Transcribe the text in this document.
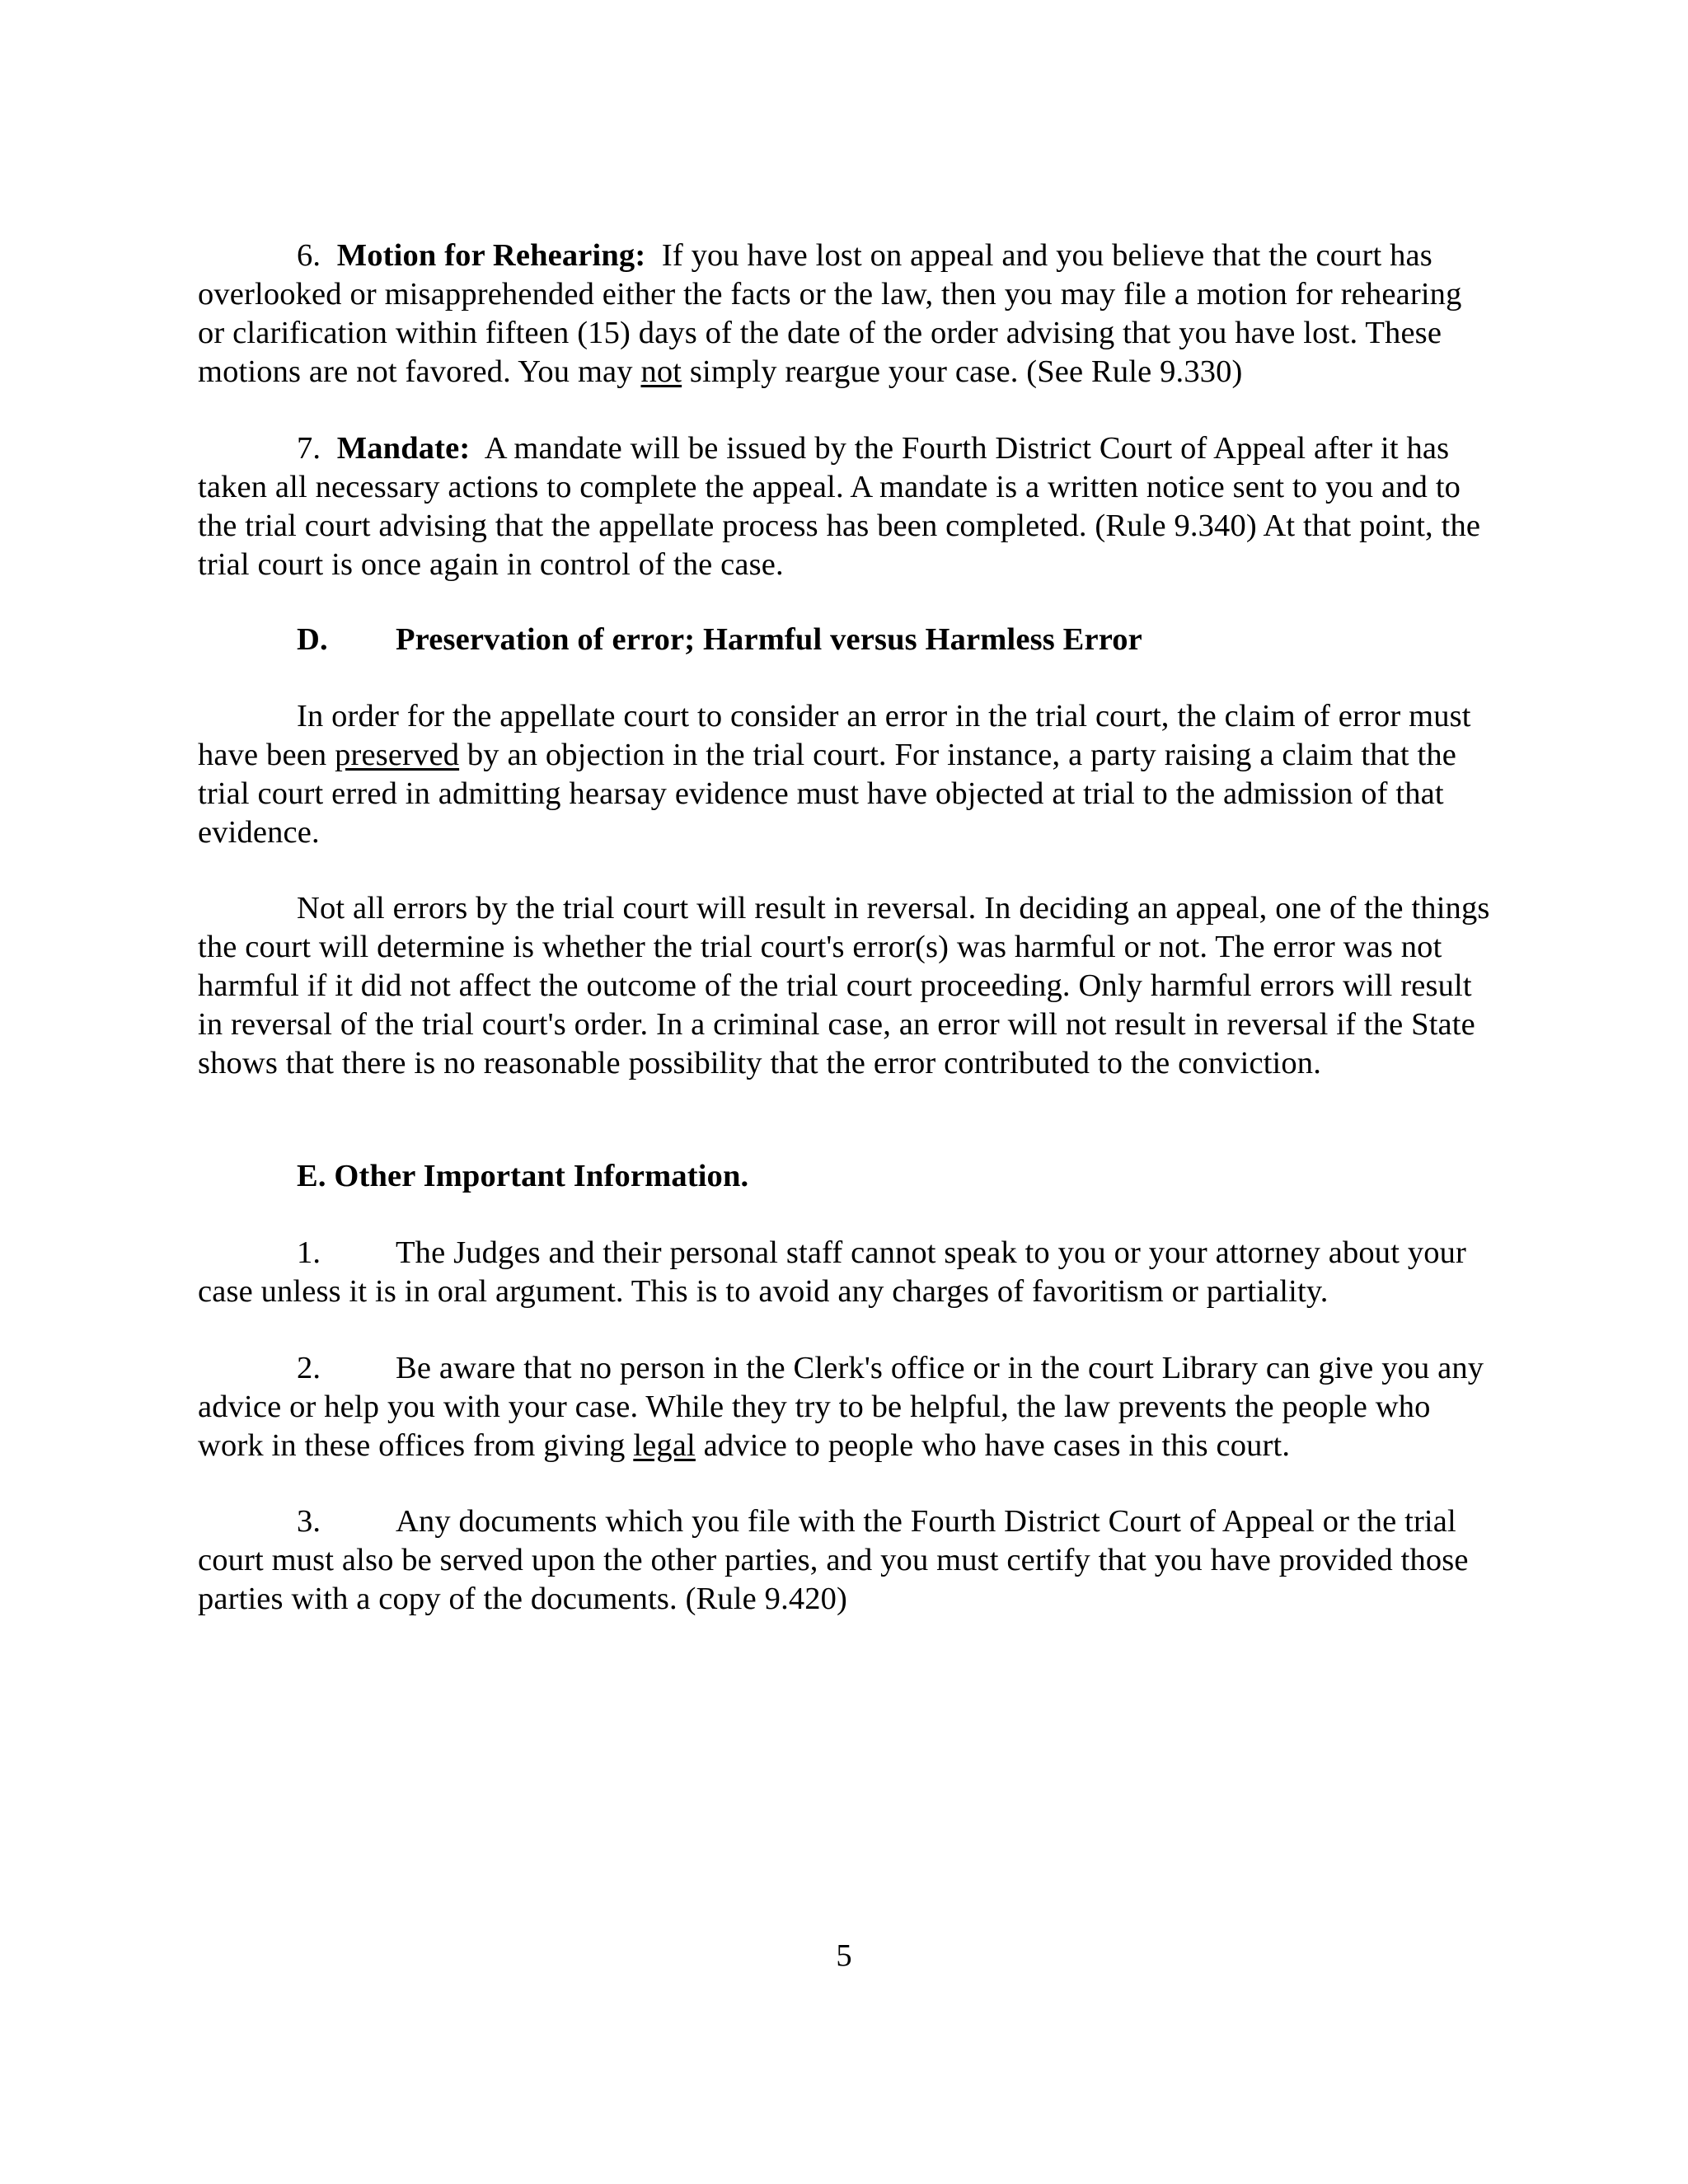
6. Motion for Rehearing: If you have lost on appeal and you believe that the court has overlooked or misapprehended either the facts or the law, then you may file a motion for rehearing or clarification within fifteen (15) days of the date of the order advising that you have lost. These motions are not favored. You may not simply reargue your case. (See Rule 9.330)

7. Mandate: A mandate will be issued by the Fourth District Court of Appeal after it has taken all necessary actions to complete the appeal. A mandate is a written notice sent to you and to the trial court advising that the appellate process has been completed. (Rule 9.340) At that point, the trial court is once again in control of the case.

D. Preservation of error; Harmful versus Harmless Error

In order for the appellate court to consider an error in the trial court, the claim of error must have been preserved by an objection in the trial court. For instance, a party raising a claim that the trial court erred in admitting hearsay evidence must have objected at trial to the admission of that evidence.

Not all errors by the trial court will result in reversal. In deciding an appeal, one of the things the court will determine is whether the trial court's error(s) was harmful or not. The error was not harmful if it did not affect the outcome of the trial court proceeding. Only harmful errors will result in reversal of the trial court's order. In a criminal case, an error will not result in reversal if the State shows that there is no reasonable possibility that the error contributed to the conviction.

E. Other Important Information.

1. The Judges and their personal staff cannot speak to you or your attorney about your case unless it is in oral argument. This is to avoid any charges of favoritism or partiality.

2. Be aware that no person in the Clerk's office or in the court Library can give you any advice or help you with your case. While they try to be helpful, the law prevents the people who work in these offices from giving legal advice to people who have cases in this court.

3. Any documents which you file with the Fourth District Court of Appeal or the trial court must also be served upon the other parties, and you must certify that you have provided those parties with a copy of the documents. (Rule 9.420)

5
